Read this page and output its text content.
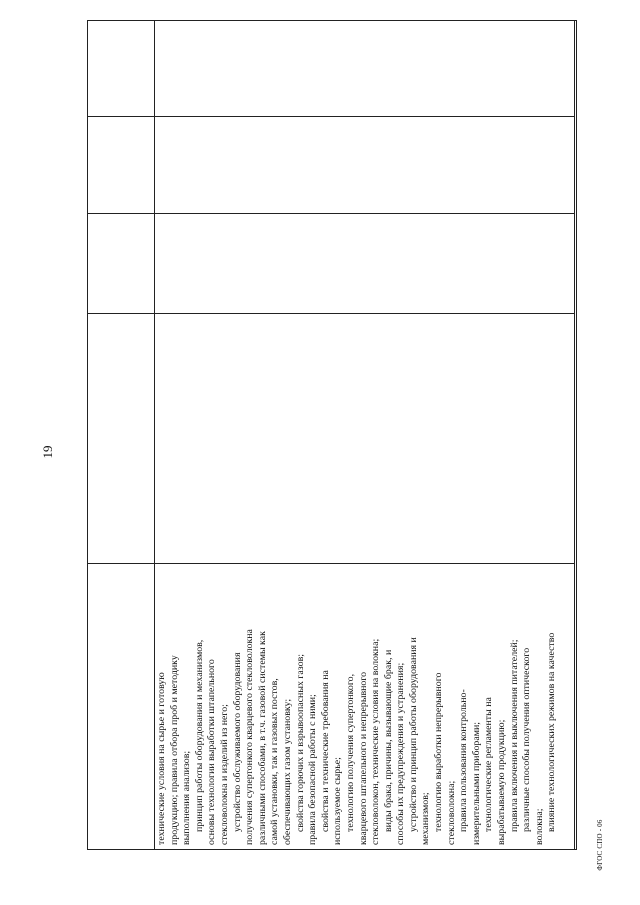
19

технические условия на сырье и готовую продукцию; правила отбора проб и методику выполнения анализов; принцип работы оборудования и механизмов, основы технологии выработки штапельного стекловолокна и изделий из него; устройство обслуживаемого оборудования получения супертонкого кварцевого стекловолокна различными способами, в т.ч. газовой системы как самой установки, так и газовых постов, обеспечивающих газом установку; свойства горючих и взрывоопасных газов; правила безопасной работы с ними; свойства и технические требования на используемое сырье; технологию получения супертонкого, кварцевого штапельного и непрерывного стекловолокон, технические условия на волокна; виды брака, причины, вызывающие брак, и способы их предупреждения и устранения; устройство и принцип работы оборудования и механизмов; технологию выработки непрерывного стекловолокна; правила пользования контрольно- измерительными приборами; технологические регламенты на вырабатываемую продукцию; правила включения и выключения питателей; различные способы получения оптического волокна; влияние технологических режимов на качество

ФГОС СПО - 06
